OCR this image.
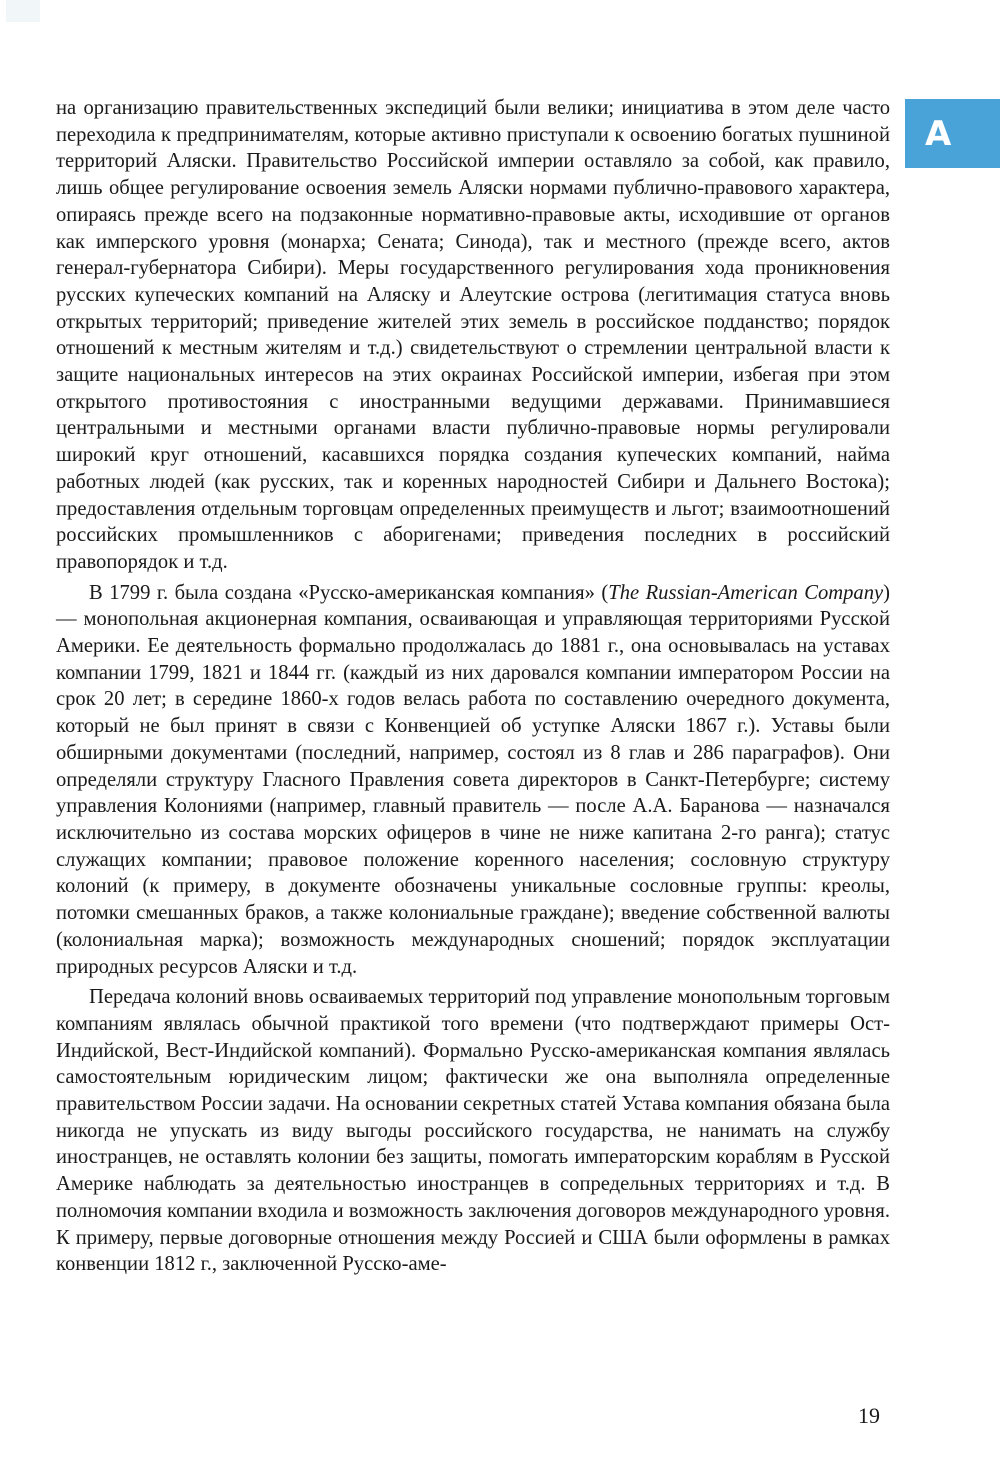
А

на организацию правительственных экспедиций были велики; инициатива в этом деле часто переходила к предпринимателям, которые активно приступали к освоению богатых пушниной территорий Аляски. Правительство Российской империи оставляло за собой, как правило, лишь общее регулирование освоения земель Аляски нормами публично-правового характера, опираясь прежде всего на подзаконные нормативно-правовые акты, исходившие от органов как имперского уровня (монарха; Сената; Синода), так и местного (прежде всего, актов генерал-губернатора Сибири). Меры государственного регулирования хода проникновения русских купеческих компаний на Аляску и Алеутские острова (легитимация статуса вновь открытых территорий; приведение жителей этих земель в российское подданство; порядок отношений к местным жителям и т.д.) свидетельствуют о стремлении центральной власти к защите национальных интересов на этих окраинах Российской империи, избегая при этом открытого противостояния с иностранными ведущими державами. Принимавшиеся центральными и местными органами власти публично-правовые нормы регулировали широкий круг отношений, касавшихся порядка создания купеческих компаний, найма работных людей (как русских, так и коренных народностей Сибири и Дальнего Востока); предоставления отдельным торговцам определенных преимуществ и льгот; взаимоотношений российских промышленников с аборигенами; приведения последних в российский правопорядок и т.д.

В 1799 г. была создана «Русско-американская компания» (The Russian-American Company) — монопольная акционерная компания, осваивающая и управляющая территориями Русской Америки. Ее деятельность формально продолжалась до 1881 г., она основывалась на уставах компании 1799, 1821 и 1844 гг. (каждый из них даровался компании императором России на срок 20 лет; в середине 1860-х годов велась работа по составлению очередного документа, который не был принят в связи с Конвенцией об уступке Аляски 1867 г.). Уставы были обширными документами (последний, например, состоял из 8 глав и 286 параграфов). Они определяли структуру Гласного Правления совета директоров в Санкт-Петербурге; систему управления Колониями (например, главный правитель — после А.А. Баранова — назначался исключительно из состава морских офицеров в чине не ниже капитана 2-го ранга); статус служащих компании; правовое положение коренного населения; сословную структуру колоний (к примеру, в документе обозначены уникальные сословные группы: креолы, потомки смешанных браков, а также колониальные граждане); введение собственной валюты (колониальная марка); возможность международных сношений; порядок эксплуатации природных ресурсов Аляски и т.д.

Передача колоний вновь осваиваемых территорий под управление монопольным торговым компаниям являлась обычной практикой того времени (что подтверждают примеры Ост-Индийской, Вест-Индийской компаний). Формально Русско-американская компания являлась самостоятельным юридическим лицом; фактически же она выполняла определенные правительством России задачи. На основании секретных статей Устава компания обязана была никогда не упускать из виду выгоды российского государства, не нанимать на службу иностранцев, не оставлять колонии без защиты, помогать императорским кораблям в Русской Америке наблюдать за деятельностью иностранцев в сопредельных территориях и т.д. В полномочия компании входила и возможность заключения договоров международного уровня. К примеру, первые договорные отношения между Россией и США были оформлены в рамках конвенции 1812 г., заключенной Русско-аме-

19
